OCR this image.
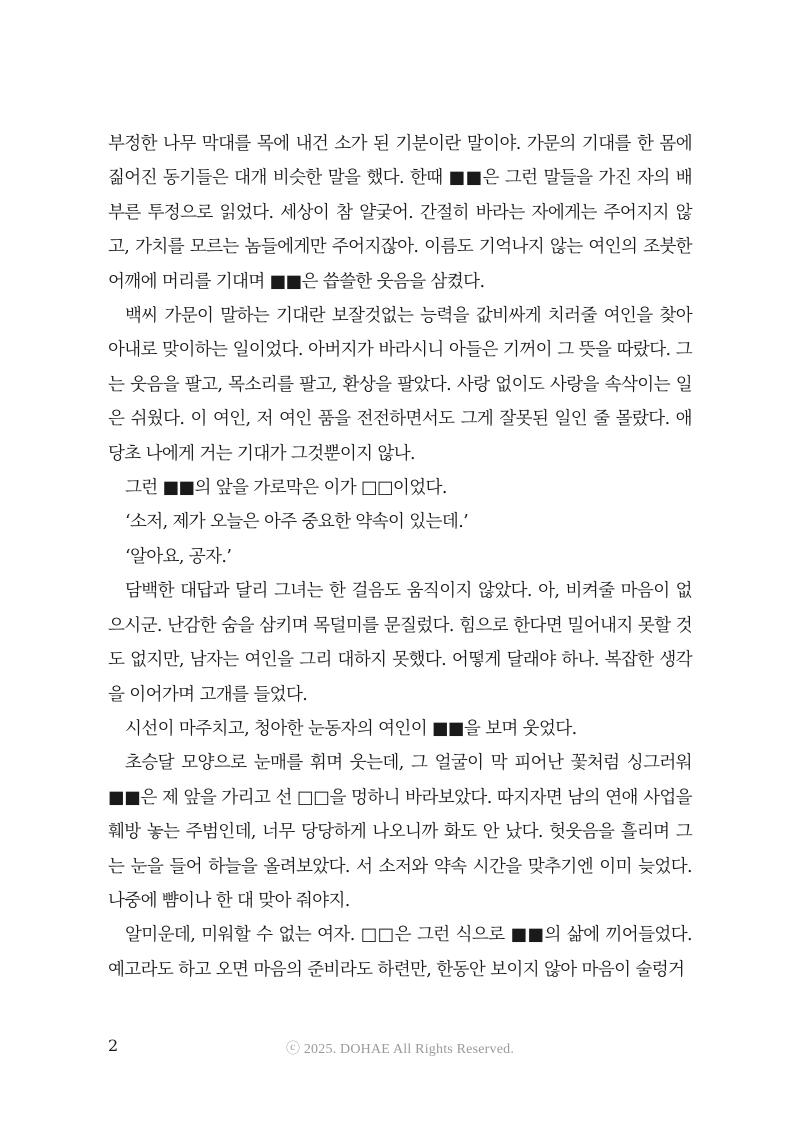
부정한 나무 막대를 목에 내건 소가 된 기분이란 말이야. 가문의 기대를 한 몸에 짊어진 동기들은 대개 비슷한 말을 했다. 한때 ■■은 그런 말들을 가진 자의 배부른 투정으로 읽었다. 세상이 참 얄궂어. 간절히 바라는 자에게는 주어지지 않고, 가치를 모르는 놈들에게만 주어지잖아. 이름도 기억나지 않는 여인의 조붓한 어깨에 머리를 기대며 ■■은 씁쓸한 웃음을 삼켰다.

백씨 가문이 말하는 기대란 보잘것없는 능력을 값비싸게 치러줄 여인을 찾아 아내로 맞이하는 일이었다. 아버지가 바라시니 아들은 기꺼이 그 뜻을 따랐다. 그는 웃음을 팔고, 목소리를 팔고, 환상을 팔았다. 사랑 없이도 사랑을 속삭이는 일은 쉬웠다. 이 여인, 저 여인 품을 전전하면서도 그게 잘못된 일인 줄 몰랐다. 애당초 나에게 거는 기대가 그것뿐이지 않나.

그런 ■■의 앞을 가로막은 이가 □□이었다.

‘소저, 제가 오늘은 아주 중요한 약속이 있는데.’

‘알아요, 공자.’

담백한 대답과 달리 그녀는 한 걸음도 움직이지 않았다. 아, 비켜줄 마음이 없으시군. 난감한 숨을 삼키며 목덜미를 문질렀다. 힘으로 한다면 밀어내지 못할 것도 없지만, 남자는 여인을 그리 대하지 못했다. 어떻게 달래야 하나. 복잡한 생각을 이어가며 고개를 들었다.

시선이 마주치고, 청아한 눈동자의 여인이 ■■을 보며 웃었다.

초승달 모양으로 눈매를 휘며 웃는데, 그 얼굴이 막 피어난 꽃처럼 싱그러워 ■■은 제 앞을 가리고 선 □□을 멍하니 바라보았다. 따지자면 남의 연애 사업을 훼방 놓는 주범인데, 너무 당당하게 나오니까 화도 안 났다. 헛웃음을 흘리며 그는 눈을 들어 하늘을 올려보았다. 서 소저와 약속 시간을 맞추기엔 이미 늦었다. 나중에 뺨이나 한 대 맞아 줘야지.

알미운데, 미워할 수 없는 여자. □□은 그런 식으로 ■■의 삶에 끼어들었다. 예고라도 하고 오면 마음의 준비라도 하련만, 한동안 보이지 않아 마음이 술렁거

2	ⓒ 2025. DOHAE All Rights Reserved.
